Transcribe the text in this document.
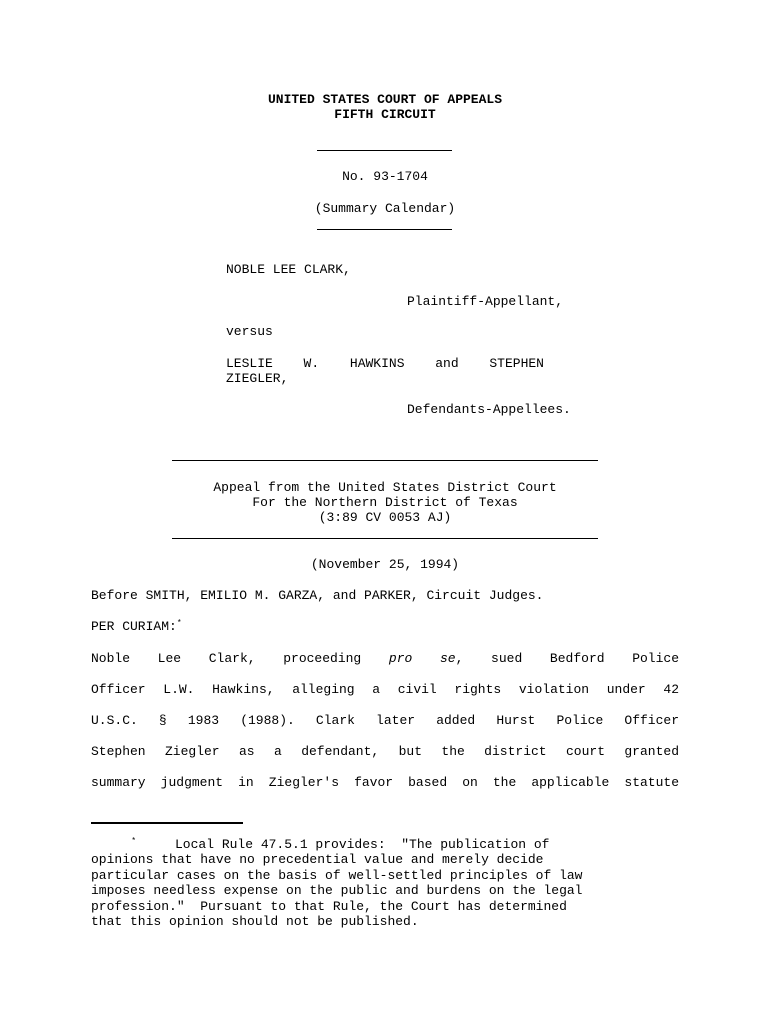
UNITED STATES COURT OF APPEALS
FIFTH CIRCUIT
No. 93-1704
(Summary Calendar)
NOBLE LEE CLARK,
Plaintiff-Appellant,
versus
LESLIE W. HAWKINS and STEPHEN
ZIEGLER,
Defendants-Appellees.
Appeal from the United States District Court
For the Northern District of Texas
(3:89 CV 0053 AJ)
(November 25, 1994)
Before SMITH, EMILIO M. GARZA, and PARKER, Circuit Judges.
PER CURIAM:*
Noble Lee Clark, proceeding pro se, sued Bedford Police
Officer L.W. Hawkins, alleging a civil rights violation under 42
U.S.C. § 1983 (1988). Clark later added Hurst Police Officer
Stephen Ziegler as a defendant, but the district court granted
summary judgment in Ziegler's favor based on the applicable statute
*     Local Rule 47.5.1 provides:  "The publication of
opinions that have no precedential value and merely decide
particular cases on the basis of well-settled principles of law
imposes needless expense on the public and burdens on the legal
profession."  Pursuant to that Rule, the Court has determined
that this opinion should not be published.
